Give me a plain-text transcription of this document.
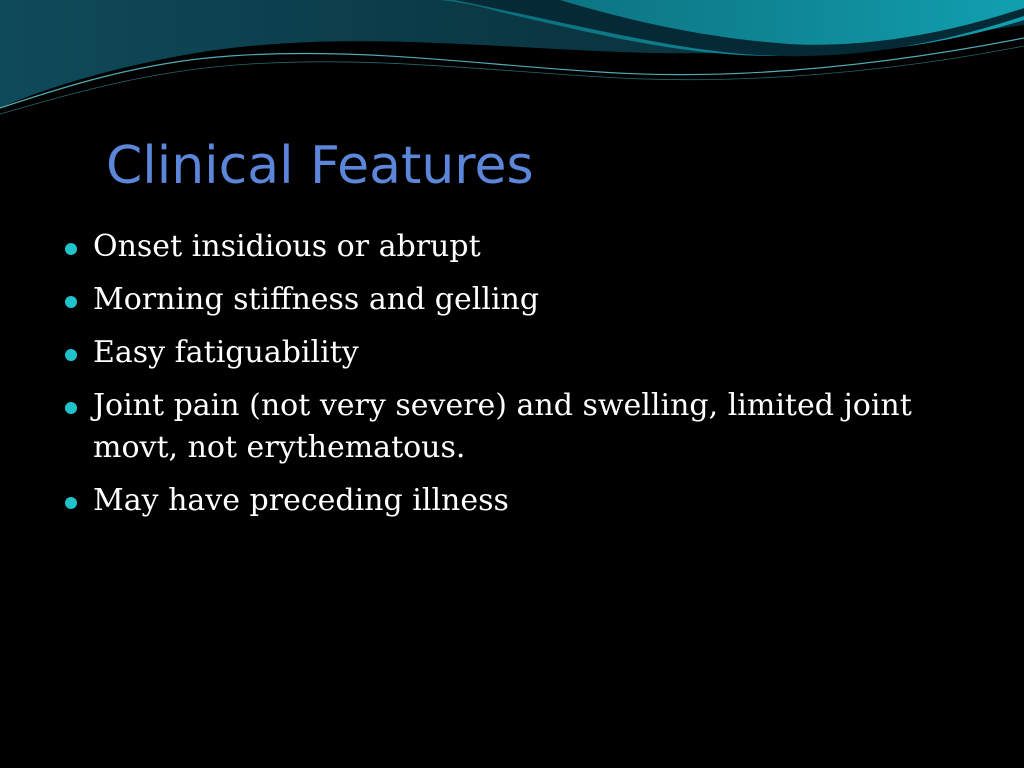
Clinical Features
Onset insidious or abrupt
Morning stiffness and gelling
Easy fatiguability
Joint pain (not very severe) and swelling, limited joint movt, not erythematous.
May have preceding illness
